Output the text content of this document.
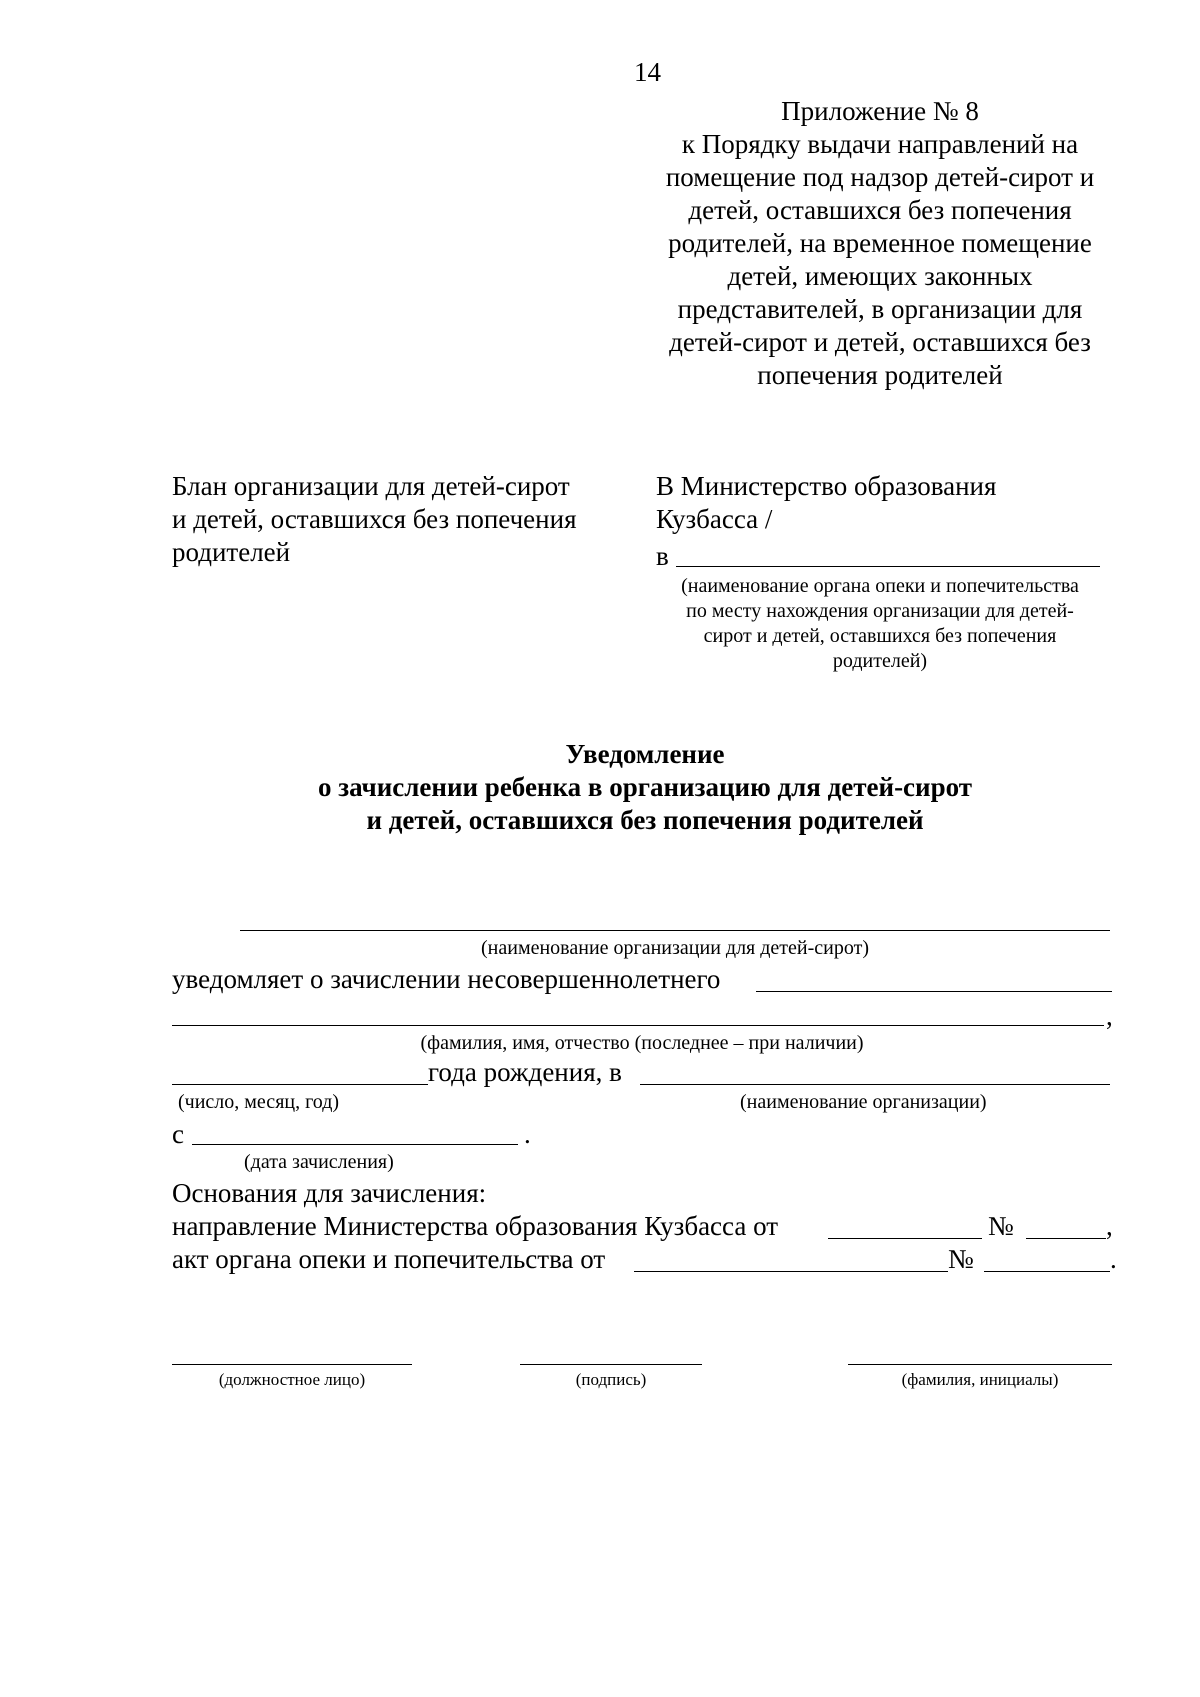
14
Приложение № 8
к Порядку выдачи направлений на
помещение под надзор детей-сирот и
детей, оставшихся без попечения
родителей, на временное помещение
детей, имеющих законных
представителей, в организации для
детей-сирот и детей, оставшихся без
попечения родителей
Блан организации для детей-сирот
и детей, оставшихся без попечения
родителей
В Министерство образования
Кузбасса /
в
(наименование органа опеки и попечительства
по месту нахождения организации для детей-
сирот и детей, оставшихся без попечения
родителей)
Уведомление
о зачислении ребенка в организацию для детей-сирот
и детей, оставшихся без попечения родителей
(наименование организации для детей-сирот)
уведомляет о зачислении несовершеннолетнего
,
(фамилия, имя, отчество (последнее – при наличии)
года рождения, в
(число, месяц, год)	(наименование организации)
с	.
(дата зачисления)
Основания для зачисления:
направление Министерства образования Кузбасса от	№	,
акт органа опеки и попечительства от	№	.
(должностное лицо)	(подпись)	(фамилия, инициалы)
